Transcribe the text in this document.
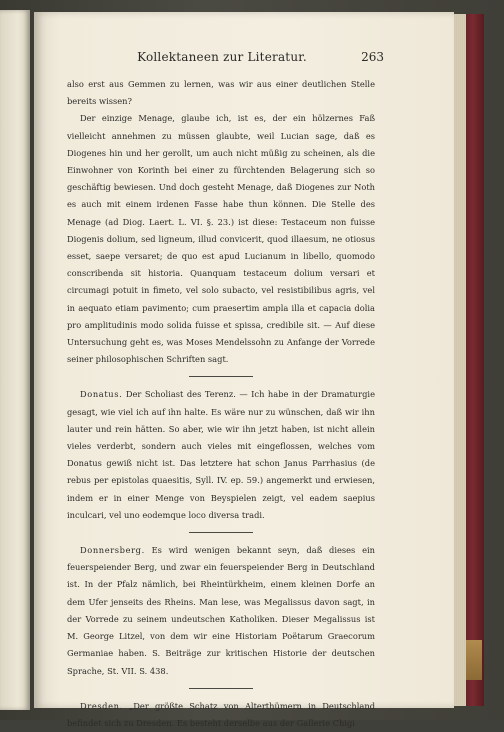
Kollektaneen zur Literatur.	263

also erst aus Gemmen zu lernen, was wir aus einer deutlichen Stelle bereits wissen?

Der einzige Menage, glaube ich, ist es, der ein hölzernes Faß vielleicht annehmen zu müssen glaubte, weil Lucian sage, daß es Diogenes hin und her gerollt, um auch nicht müßig zu scheinen, als die Einwohner von Korinth bei einer zu fürchtenden Belagerung sich so geschäftig bewiesen. Und doch gesteht Menage, daß Diogenes zur Noth es auch mit einem irdenen Fasse habe thun können. Die Stelle des Menage (ad Diog. Laert. L. VI. §. 23.) ist diese: Testaceum non fuisse Diogenis dolium, sed ligneum, illud convicerit, quod illaesum, ne otiosus esset, saepe versaret; de quo est apud Lucianum in libello, quomodo conscribenda sit historia. Quanquam testaceum dolium versari et circumagi potuit in fimeto, vel solo subacto, vel resistibilibus agris, vel in aequato etiam pavimento; cum praesertim ampla illa et capacia dolia pro amplitudinis modo solida fuisse et spissa, credibile sit. — Auf diese Untersuchung geht es, was Moses Mendelssohn zu Anfange der Vorrede seiner philosophischen Schriften sagt.

Donatus. Der Scholiast des Terenz. — Ich habe in der Dramaturgie gesagt, wie viel ich auf ihn halte. Es wäre nur zu wünschen, daß wir ihn lauter und rein hätten. So aber, wie wir ihn jetzt haben, ist nicht allein vieles verderbt, sondern auch vieles mit eingeflossen, welches vom Donatus gewiß nicht ist. Das letztere hat schon Janus Parrhasius (de rebus per epistolas quaesitis, Syll. IV. ep. 59.) angemerkt und erwiesen, indem er in einer Menge von Beyspielen zeigt, vel eadem saepius inculcari, vel uno eodemque loco diversa tradi.

Donnersberg. Es wird wenigen bekannt seyn, daß dieses ein feuerspeiender Berg, und zwar ein feuerspeiender Berg in Deutschland ist. In der Pfalz nämlich, bei Rheintürkheim, einem kleinen Dorfe an dem Ufer jenseits des Rheins. Man lese, was Megalissus davon sagt, in der Vorrede zu seinem undeutschen Katholiken. Dieser Megalissus ist M. George Litzel, von dem wir eine Historiam Poëtarum Graecorum Germaniae haben. S. Beiträge zur kritischen Historie der deutschen Sprache, St. VII. S. 438.

Dresden. „Der größte Schatz von Alterthümern in Deutschland befindet sich zu Dresden. Es besteht derselbe aus der Gallerie Chigi
